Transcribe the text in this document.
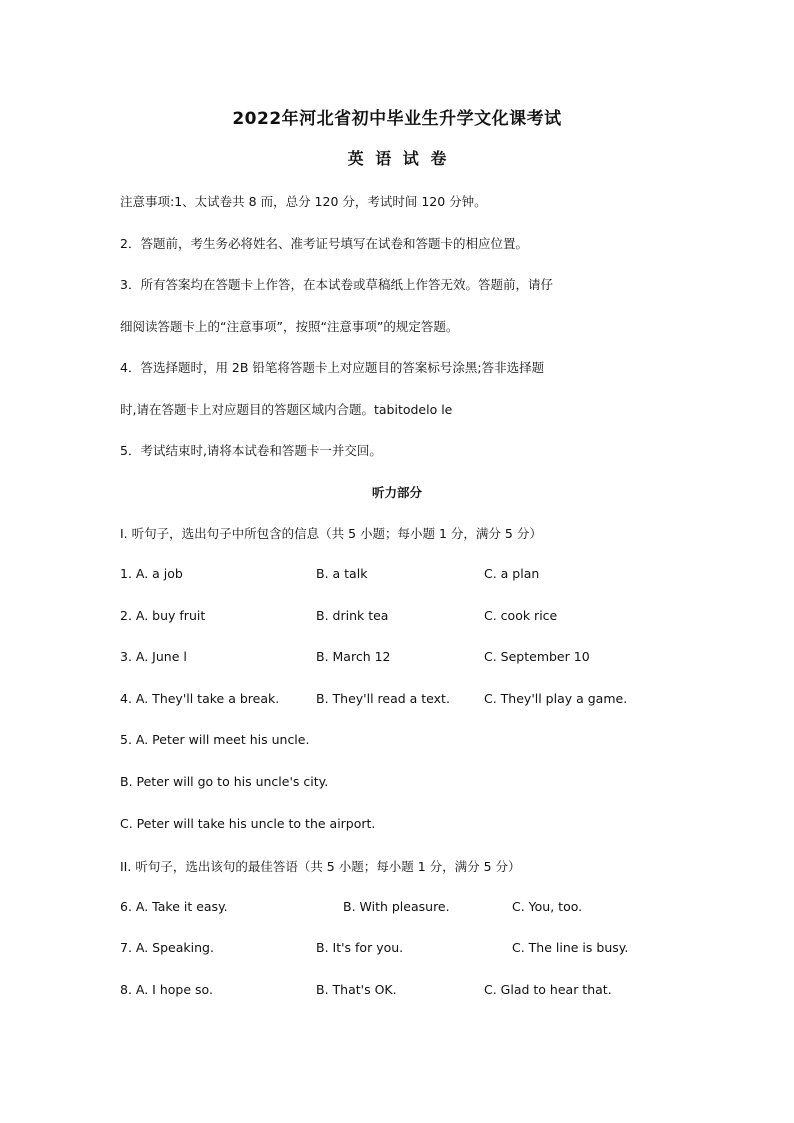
2022年河北省初中毕业生升学文化课考试
英 语 试 卷
注意事项:1、太试卷共 8 而，总分 120 分，考试时间 120 分钟。
2．答题前，考生务必将姓名、准考证号填写在试卷和答题卡的相应位置。
3．所有答案均在答题卡上作答，在本试卷或草稿纸上作答无效。答题前，请仔
细阅读答题卡上的“注意事项”，按照“注意事项”的规定答题。
4．答选择题时，用 2B 铅笔将答题卡上对应题目的答案标号涂黑;答非选择题
时,请在答题卡上对应题目的答题区域内合题。tabitodelo le
5．考试结束时,请将本试卷和答题卡一并交回。
听力部分
I. 听句子，选出句子中所包含的信息（共 5 小题；每小题 1 分，满分 5 分）
1. A. a job	B. a talk	C. a plan
2. A. buy fruit	B. drink tea	C. cook rice
3. A. June l	B. March 12	C. September 10
4. A. They'll take a break.	B. They'll read a text.	C. They'll play a game.
5. A. Peter will meet his uncle.
B. Peter will go to his uncle's city.
C. Peter will take his uncle to the airport.
II. 听句子，选出该句的最佳答语（共 5 小题；每小题 1 分，满分 5 分）
6. A. Take it easy.	B. With pleasure.	C. You, too.
7. A. Speaking.	B. It's for you.	C. The line is busy.
8. A. I hope so.	B. That's OK.	C. Glad to hear that.
